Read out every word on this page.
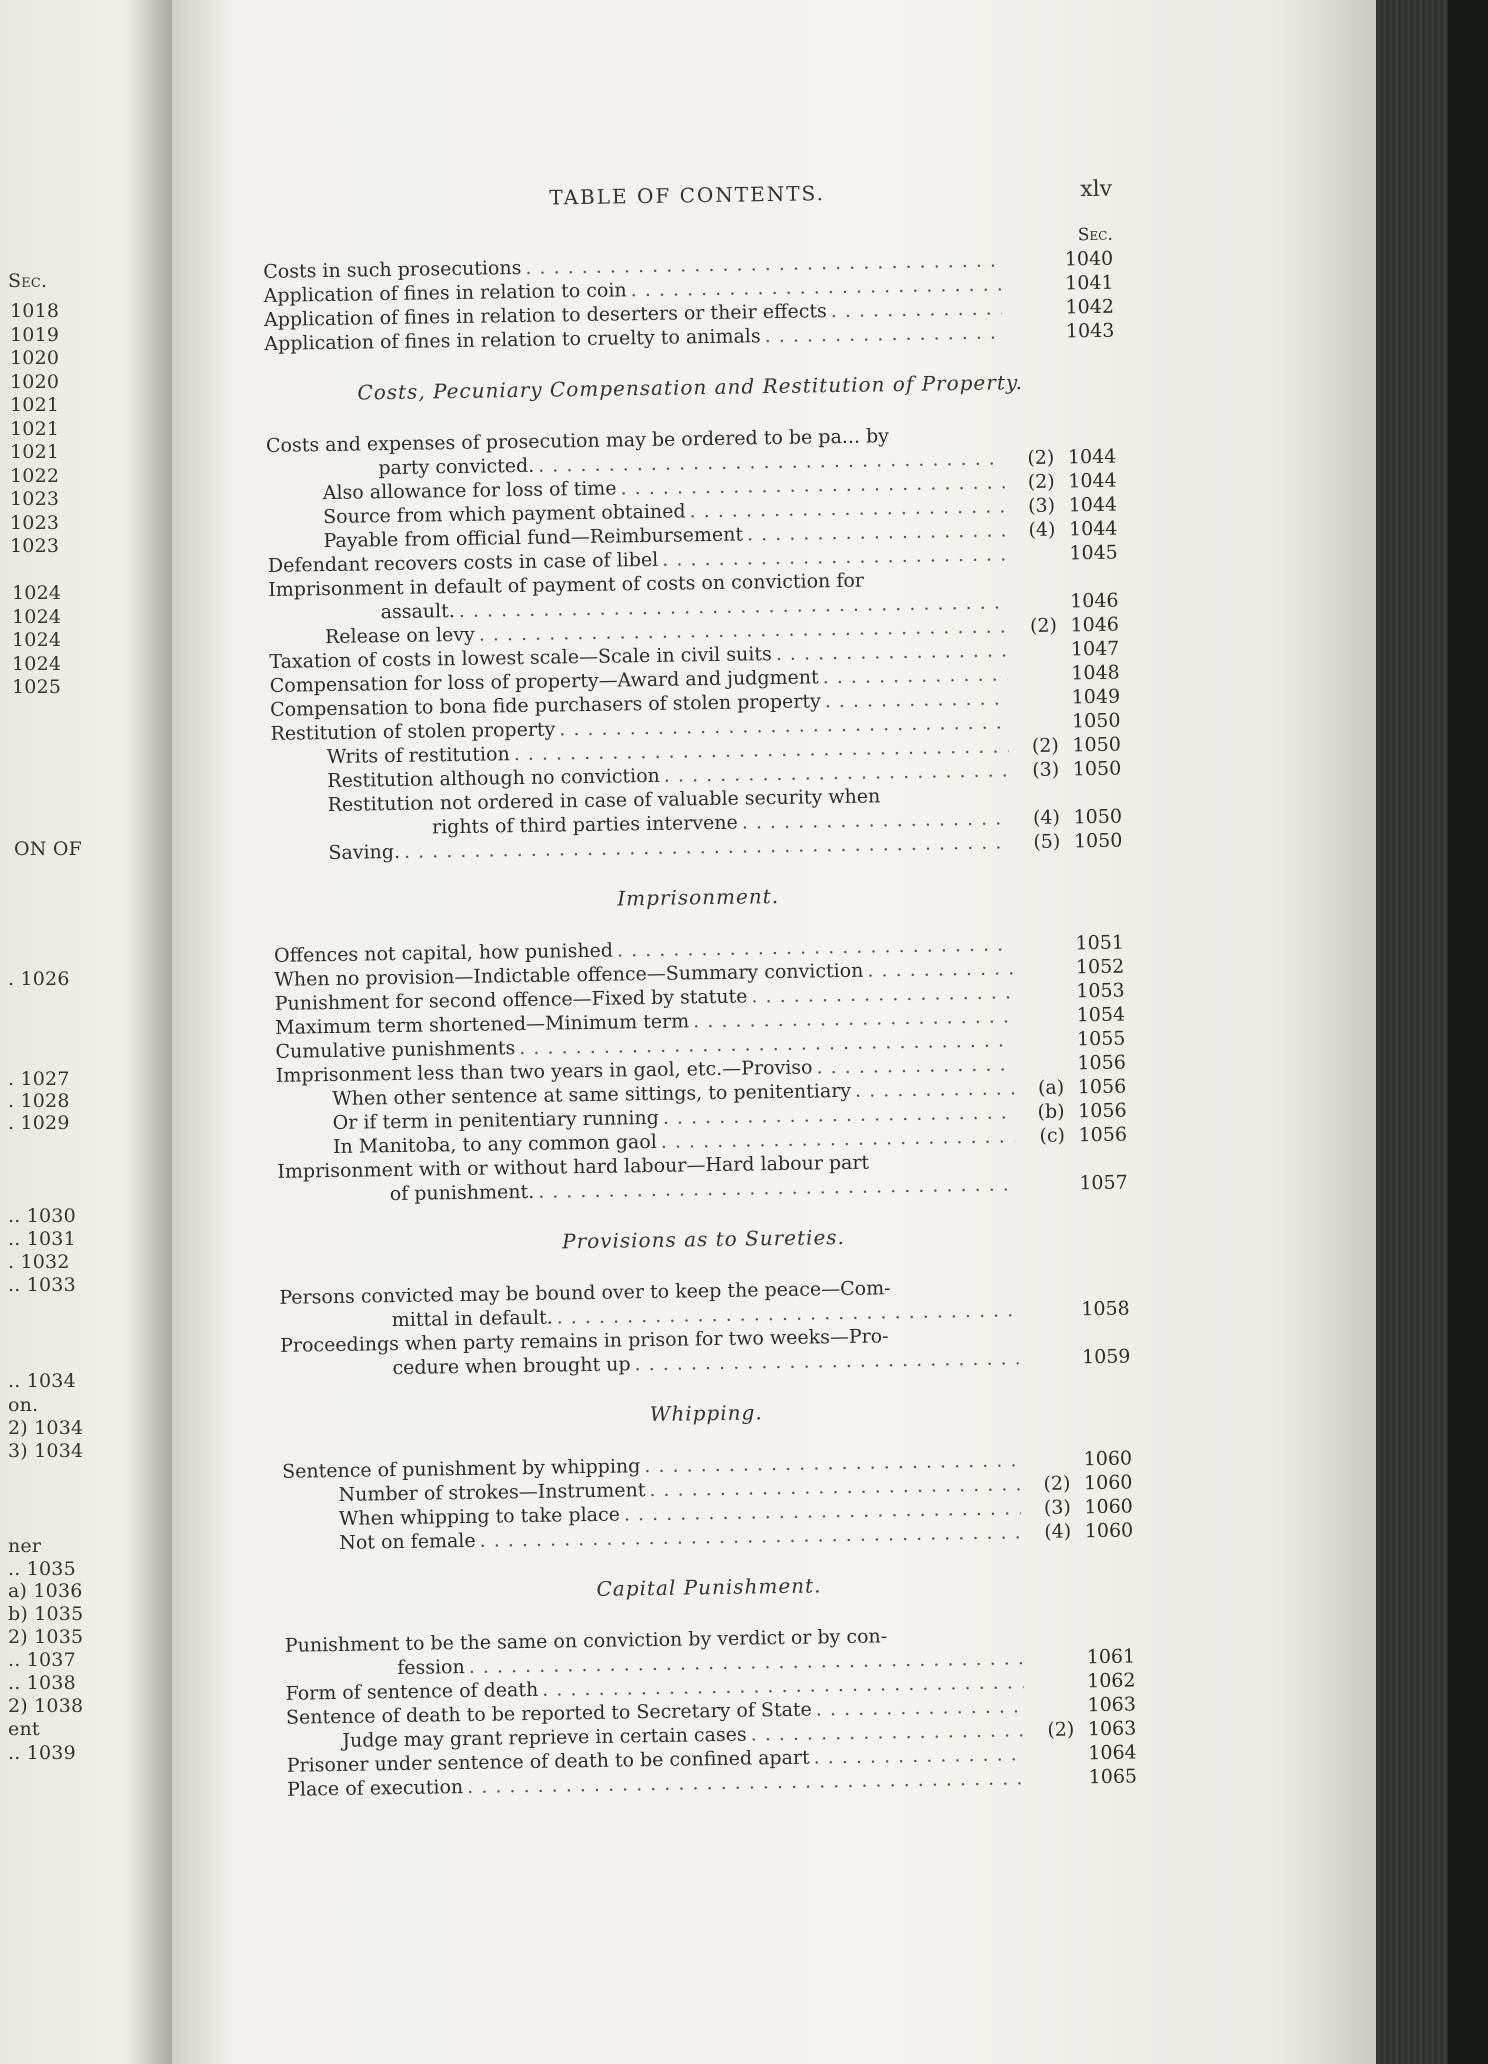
Sec.
1018
1019
1020
1020
1021
1021
1021
1022
1023
1023
1023
1024
1024
1024
1024
1025
ON OF
. 1026
. 1027
. 1028
. 1029
.. 1030
.. 1031
. 1032
.. 1033
.. 1034
on.
2) 1034
3) 1034
ner
.. 1035
a) 1036
b) 1035
2) 1035
.. 1037
.. 1038
2) 1038
ent
.. 1039
TABLE OF CONTENTS.	xlv
Sec.
Costs in such prosecutions . . .	1040
Application of fines in relation to coin . . .	1041
Application of fines in relation to deserters or their effects . . .	1042
Application of fines in relation to cruelty to animals . . .	1043
Costs, Pecuniary Compensation and Restitution of Property.
Costs and expenses of prosecution may be ordered to be pa... by
party convicted. . . .	(2) 1044
Also allowance for loss of time . . .	(2) 1044
Source from which payment obtained . . .	(3) 1044
Payable from official fund—Reimbursement . . .	(4) 1044
Defendant recovers costs in case of libel . . .	1045
Imprisonment in default of payment of costs on conviction for
assault. . . .	1046
Release on levy . . .	(2) 1046
Taxation of costs in lowest scale—Scale in civil suits . . .	1047
Compensation for loss of property—Award and judgment . . .	1048
Compensation to bona fide purchasers of stolen property . . .	1049
Restitution of stolen property . . .	1050
Writs of restitution . . .	(2) 1050
Restitution although no conviction . . .	(3) 1050
Restitution not ordered in case of valuable security when
rights of third parties intervene . . .	(4) 1050
Saving. . . .	(5) 1050
Imprisonment.
Offences not capital, how punished . . .	1051
When no provision—Indictable offence—Summary conviction . . .	1052
Punishment for second offence—Fixed by statute . . .	1053
Maximum term shortened—Minimum term . . .	1054
Cumulative punishments . . .	1055
Imprisonment less than two years in gaol, etc.—Proviso . . .	1056
When other sentence at same sittings, to penitentiary . . .	(a) 1056
Or if term in penitentiary running . . .	(b) 1056
In Manitoba, to any common gaol . . .	(c) 1056
Imprisonment with or without hard labour—Hard labour part
of punishment. . . .	1057
Provisions as to Sureties.
Persons convicted may be bound over to keep the peace—Com-
mittal in default. . . .	1058
Proceedings when party remains in prison for two weeks—Pro-
cedure when brought up . . .	1059
Whipping.
Sentence of punishment by whipping . . .	1060
Number of strokes—Instrument . . .	(2) 1060
When whipping to take place . . .	(3) 1060
Not on female . . .	(4) 1060
Capital Punishment.
Punishment to be the same on conviction by verdict or by con-
fession . . .	1061
Form of sentence of death . . .	1062
Sentence of death to be reported to Secretary of State . . .	1063
Judge may grant reprieve in certain cases . . .	(2) 1063
Prisoner under sentence of death to be confined apart . . .	1064
Place of execution . . .	1065
